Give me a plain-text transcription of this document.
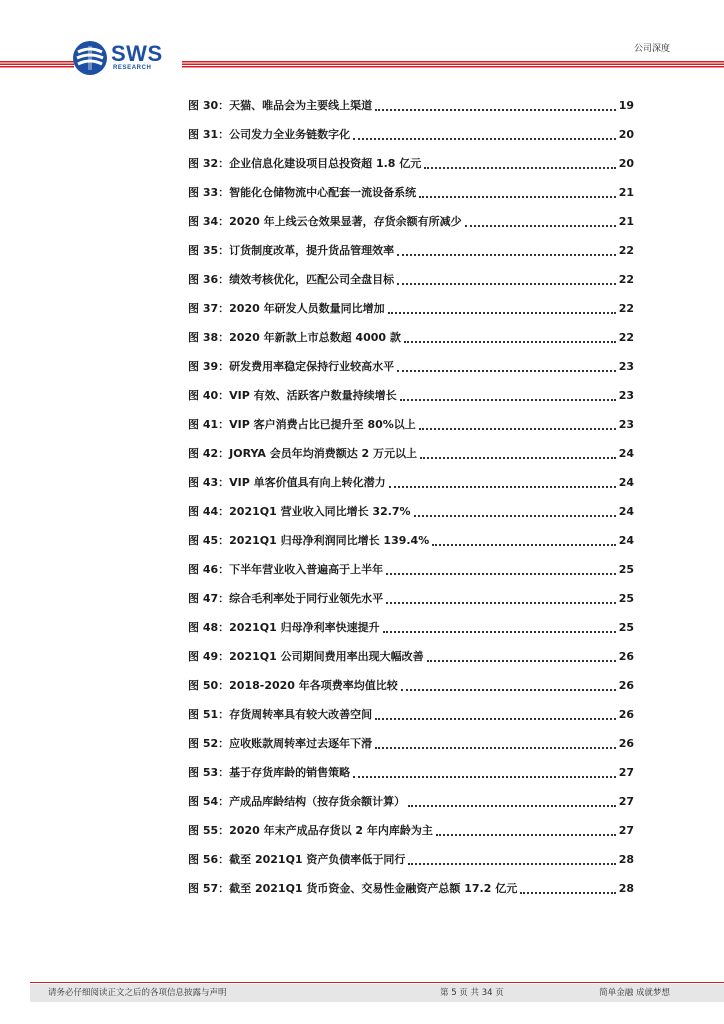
SWS
RESEARCH
公司深度
图 30：天猫、唯品会为主要线上渠道	19
图 31：公司发力全业务链数字化	20
图 32：企业信息化建设项目总投资超 1.8 亿元	20
图 33：智能化仓储物流中心配套一流设备系统	21
图 34：2020 年上线云仓效果显著，存货余额有所减少	21
图 35：订货制度改革，提升货品管理效率	22
图 36：绩效考核优化，匹配公司全盘目标	22
图 37：2020 年研发人员数量同比增加	22
图 38：2020 年新款上市总数超 4000 款	22
图 39：研发费用率稳定保持行业较高水平	23
图 40：VIP 有效、活跃客户数量持续增长	23
图 41：VIP 客户消费占比已提升至 80%以上	23
图 42：JORYA 会员年均消费额达 2 万元以上	24
图 43：VIP 单客价值具有向上转化潜力	24
图 44：2021Q1 营业收入同比增长 32.7%	24
图 45：2021Q1 归母净利润同比增长 139.4%	24
图 46：下半年营业收入普遍高于上半年	25
图 47：综合毛利率处于同行业领先水平	25
图 48：2021Q1 归母净利率快速提升	25
图 49：2021Q1 公司期间费用率出现大幅改善	26
图 50：2018-2020 年各项费率均值比较	26
图 51：存货周转率具有较大改善空间	26
图 52：应收账款周转率过去逐年下滑	26
图 53：基于存货库龄的销售策略	27
图 54：产成品库龄结构（按存货余额计算）	27
图 55：2020 年末产成品存货以 2 年内库龄为主	27
图 56：截至 2021Q1 资产负债率低于同行	28
图 57：截至 2021Q1 货币资金、交易性金融资产总额 17.2 亿元	28
请务必仔细阅读正文之后的各项信息披露与声明	第 5 页 共 34 页	简单金融 成就梦想
